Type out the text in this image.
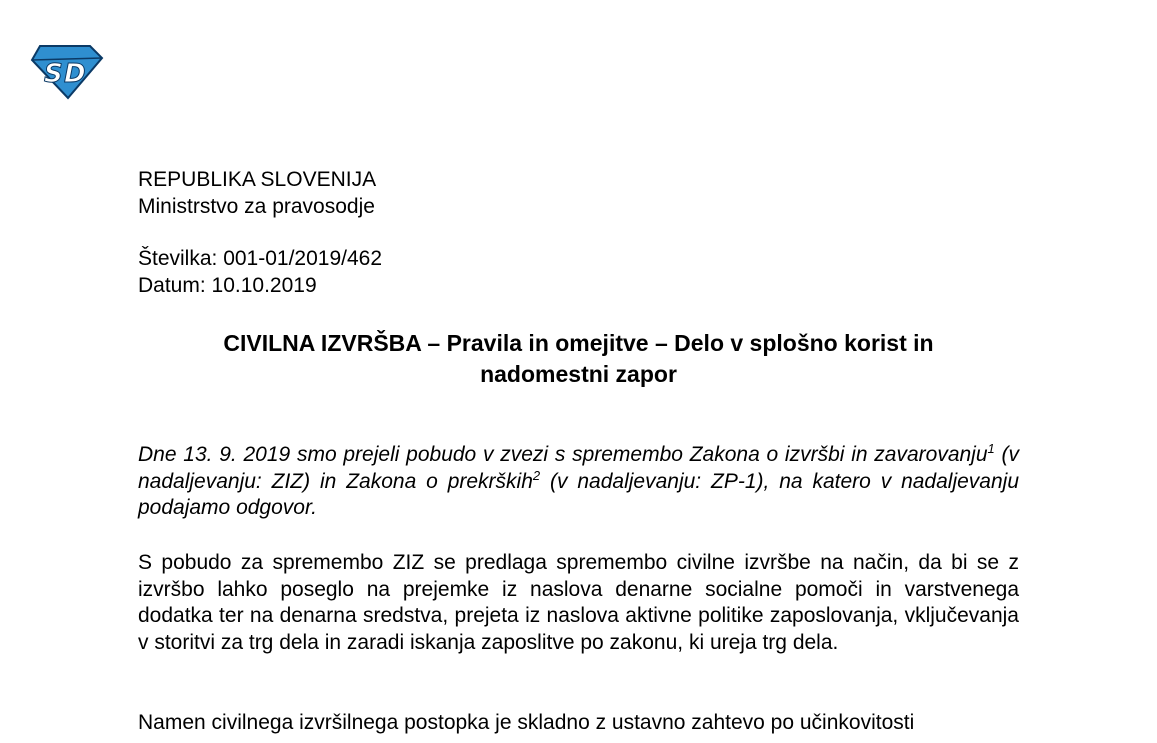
S D
REPUBLIKA SLOVENIJA
Ministrstvo za pravosodje
Številka: 001-01/2019/462
Datum: 10.10.2019
CIVILNA IZVRŠBA – Pravila in omejitve – Delo v splošno korist in
nadomestni zapor
Dne 13. 9. 2019 smo prejeli pobudo v zvezi s spremembo Zakona o izvršbi in zavarovanju$^1$ (v nadaljevanju: ZIZ) in Zakona o prekrških$^2$ (v nadaljevanju: ZP-1), na katero v nadaljevanju podajamo odgovor.
S pobudo za spremembo ZIZ se predlaga spremembo civilne izvršbe na način, da bi se z izvršbo lahko poseglo na prejemke iz naslova denarne socialne pomoči in varstvenega dodatka ter na denarna sredstva, prejeta iz naslova aktivne politike zaposlovanja, vključevanja v storitvi za trg dela in zaradi iskanja zaposlitve po zakonu, ki ureja trg dela.
Namen civilnega izvršilnega postopka je skladno z ustavno zahtevo po učinkovitosti
